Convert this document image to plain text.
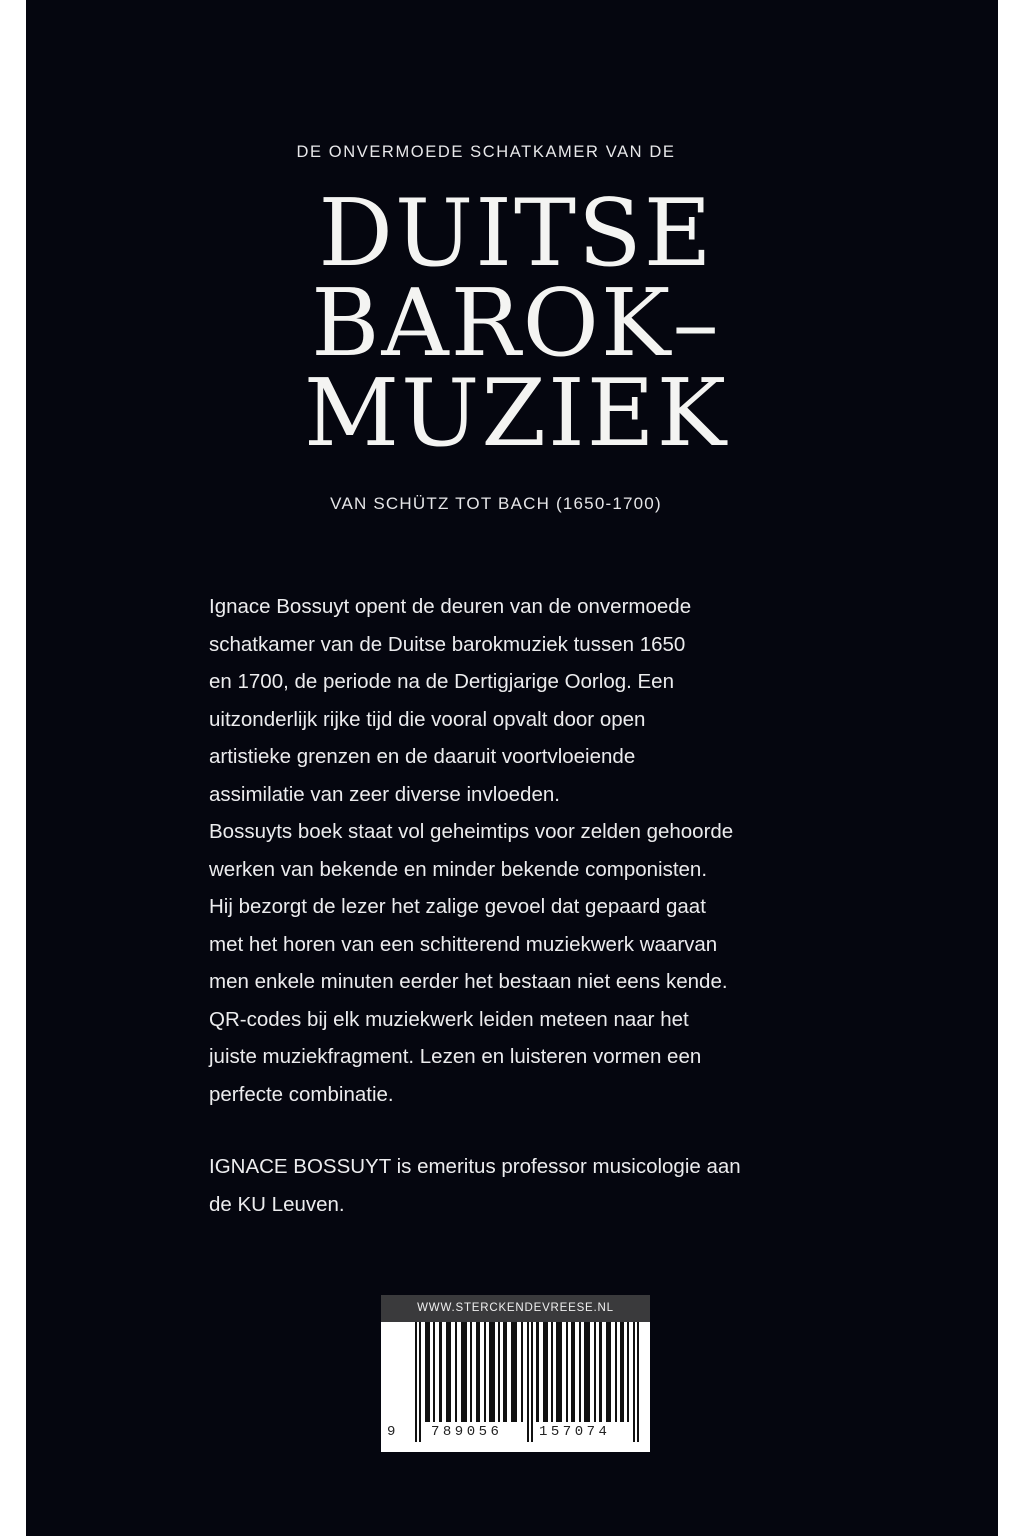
DE ONVERMOEDE SCHATKAMER VAN DE
DUITSE
BAROK–
MUZIEK
VAN SCHÜTZ TOT BACH (1650-1700)

Ignace Bossuyt opent de deuren van de onvermoede

schatkamer van de Duitse barokmuziek tussen 1650

en 1700, de periode na de Dertigjarige Oorlog. Een

uitzonderlijk rijke tijd die vooral opvalt door open

artistieke grenzen en de daaruit voortvloeiende

assimilatie van zeer diverse invloeden.

Bossuyts boek staat vol geheimtips voor zelden gehoorde

werken van bekende en minder bekende componisten.

Hij bezorgt de lezer het zalige gevoel dat gepaard gaat

met het horen van een schitterend muziekwerk waarvan

men enkele minuten eerder het bestaan niet eens kende.

QR-codes bij elk muziekwerk leiden meteen naar het

juiste muziekfragment. Lezen en luisteren vormen een

perfecte combinatie.

IGNACE BOSSUYT is emeritus professor musicologie aan

de KU Leuven.

WWW.STERCKENDEVREESE.NL
9	789056	157074
